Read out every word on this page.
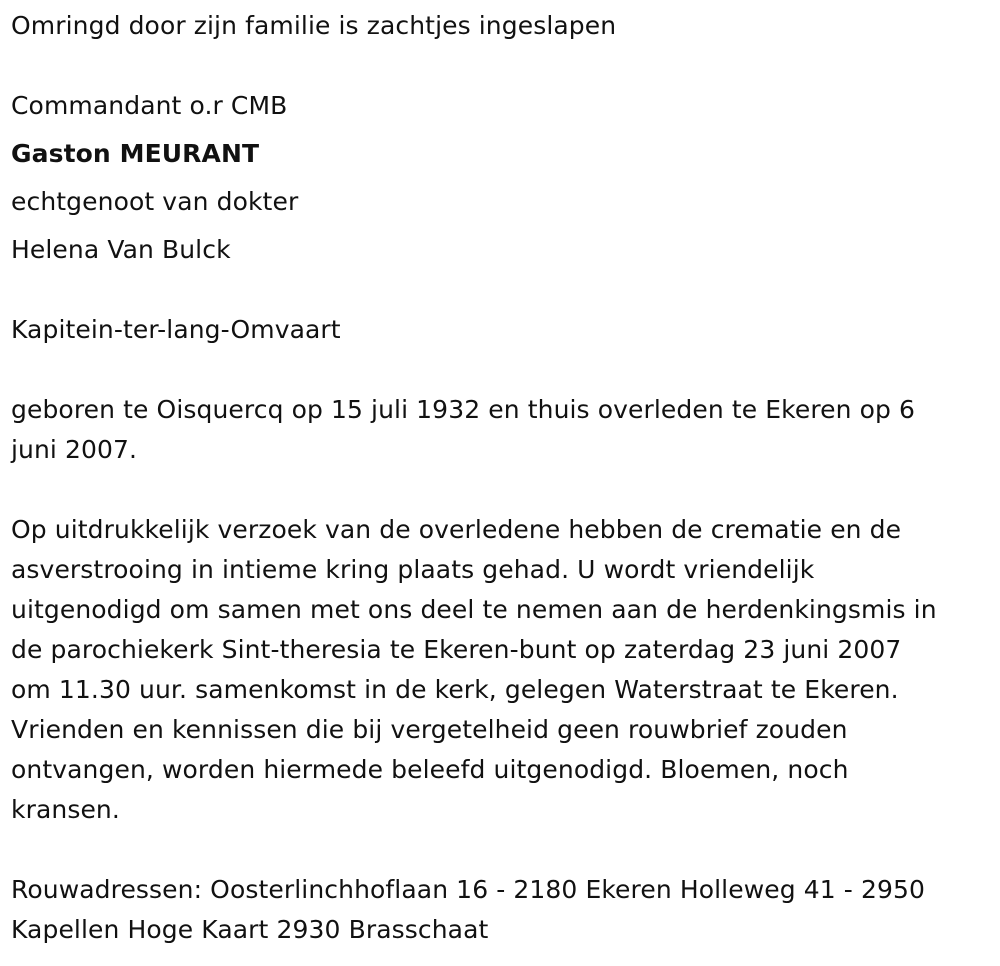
Omringd door zijn familie is zachtjes ingeslapen

Commandant o.r CMB

Gaston MEURANT

echtgenoot van dokter

Helena Van Bulck

Kapitein-ter-lang-Omvaart

geboren te Oisquercq op 15 juli 1932 en thuis overleden te Ekeren op 6

juni 2007.

Op uitdrukkelijk verzoek van de overledene hebben de crematie en de

asverstrooing in intieme kring plaats gehad. U wordt vriendelijk

uitgenodigd om samen met ons deel te nemen aan de herdenkingsmis in

de parochiekerk Sint-theresia te Ekeren-bunt op zaterdag 23 juni 2007

om 11.30 uur. samenkomst in de kerk, gelegen Waterstraat te Ekeren.

Vrienden en kennissen die bij vergetelheid geen rouwbrief zouden

ontvangen, worden hiermede beleefd uitgenodigd. Bloemen, noch

kransen.

Rouwadressen: Oosterlinchhoflaan 16 - 2180 Ekeren Holleweg 41 - 2950

Kapellen Hoge Kaart 2930 Brasschaat
